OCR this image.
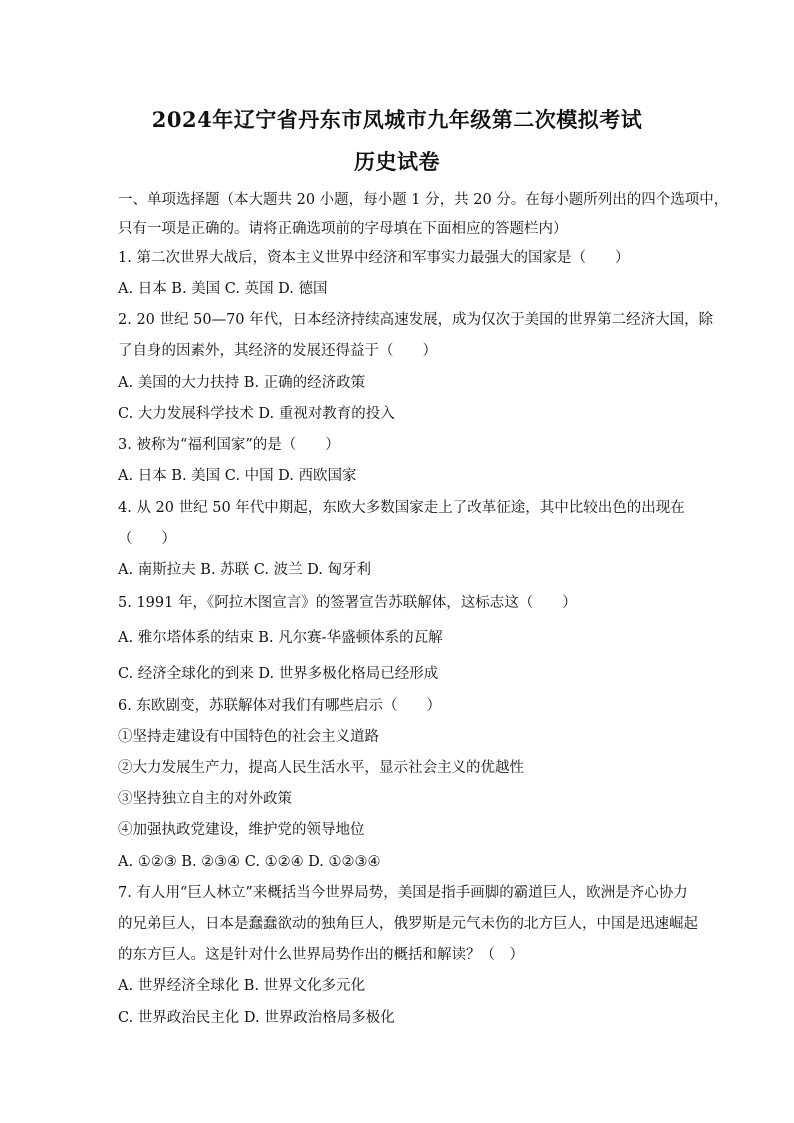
2024年辽宁省丹东市凤城市九年级第二次模拟考试
历史试卷
一、单项选择题（本大题共 20 小题，每小题 1 分，共 20 分。在每小题所列出的四个选项中，
只有一项是正确的。请将正确选项前的字母填在下面相应的答题栏内）
1. 第二次世界大战后，资本主义世界中经济和军事实力最强大的国家是（　　）
A. 日本 B. 美国 C. 英国 D. 德国
2. 20 世纪 50—70 年代，日本经济持续高速发展，成为仅次于美国的世界第二经济大国，除
了自身的因素外，其经济的发展还得益于（　　）
A. 美国的大力扶持 B. 正确的经济政策
C. 大力发展科学技术 D. 重视对教育的投入
3. 被称为“福利国家”的是（　　）
A. 日本 B. 美国 C. 中国 D. 西欧国家
4. 从 20 世纪 50 年代中期起，东欧大多数国家走上了改革征途，其中比较出色的出现在
（　　）
A. 南斯拉夫 B. 苏联 C. 波兰 D. 匈牙利
5. 1991 年，《阿拉木图宣言》的签署宣告苏联解体，这标志这（　　）
A. 雅尔塔体系的结束 B. 凡尔赛-华盛顿体系的瓦解
C. 经济全球化的到来 D. 世界多极化格局已经形成
6. 东欧剧变，苏联解体对我们有哪些启示（　　）
①坚持走建设有中国特色的社会主义道路
②大力发展生产力，提高人民生活水平，显示社会主义的优越性
③坚持独立自主的对外政策
④加强执政党建设，维护党的领导地位
A. ①②③ B. ②③④ C. ①②④ D. ①②③④
7. 有人用“巨人林立”来概括当今世界局势，美国是指手画脚的霸道巨人，欧洲是齐心协力
的兄弟巨人，日本是蠢蠢欲动的独角巨人，俄罗斯是元气未伤的北方巨人，中国是迅速崛起
的东方巨人。这是针对什么世界局势作出的概括和解读？（　）
A. 世界经济全球化 B. 世界文化多元化
C. 世界政治民主化 D. 世界政治格局多极化
